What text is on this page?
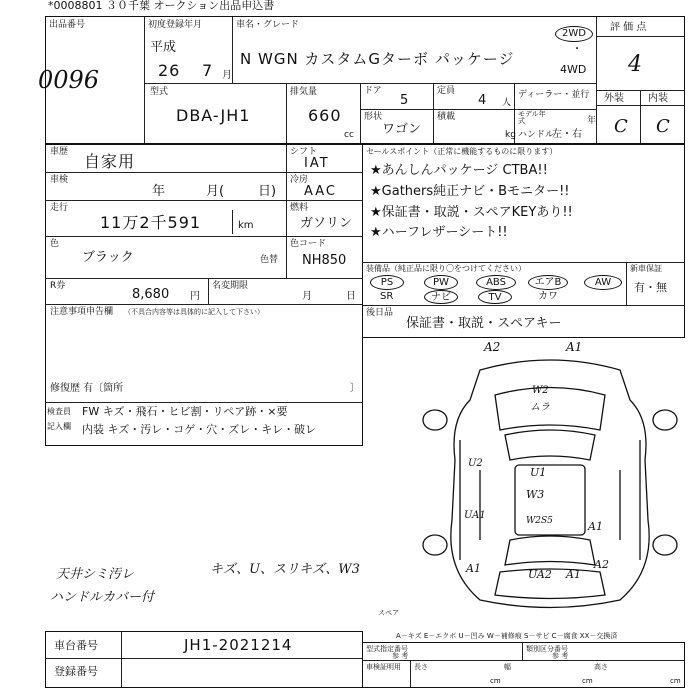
*0008801 ３０千葉 オークション出品申込書
出品番号
0096
初度登録年月
平成
26 7 月
車名・グレード
N WGN カスタムGターボ パッケージ
2WD
・
4WD
評 価 点
4
型式
DBA-JH1
排気量
660
cc
ドア
5
定員
4 人
ディーラー・並行
モデル年式	年
形状
ワゴン
積載
kg ハンドル
左・右
外装 内装
C C
車歴 自家用	シフト
IAT
車検
年	月(	日)
冷房
AAC
走行
11万2千591	km
燃料
ガソリン
色
ブラック	色替
色コード
NH850
R券
8,680 円
名変期限
月	日
注意事項申告欄 （不具合内容等は具体的に記入して下さい）
修復歴 有〔箇所	〕
検査員
記入欄
FW キズ・飛石・ヒビ割・リペア跡・×要
内装 キズ・汚レ・コゲ・穴・ズレ・キレ・破レ
セールスポイント（正常に機能するものに限ります）
★あんしんパッケージ CTBA!!
★Gathers純正ナビ・Bモニター!!
★保証書・取説・スペアKEYあり!!
★ハーフレザーシート!!
装備品（純正品に限り〇をつけてください）
PS	PW	ABS	エアB	AW
SR	ナビ	TV	カワ
新車保証
有・無
後日品
保証書・取説・スペアキー
A2	A1
W2
ムラ
U2
U1
W3
UA1	W2S5	A1
A1	UA2 A1
A2
スペア
天井シミ汚レ	キズ、U、スリキズ、W3
ハンドルカバー付
A－キズ E－エクボ U－凹み W－補修痕 S－サビ C－腐食 XX－交換済
車台番号	JH1-2021214
登録番号
型式指定番号
参 考
類別区分番号
参 考
車検証明用 長さ
cm
幅
cm
高さ
cm
